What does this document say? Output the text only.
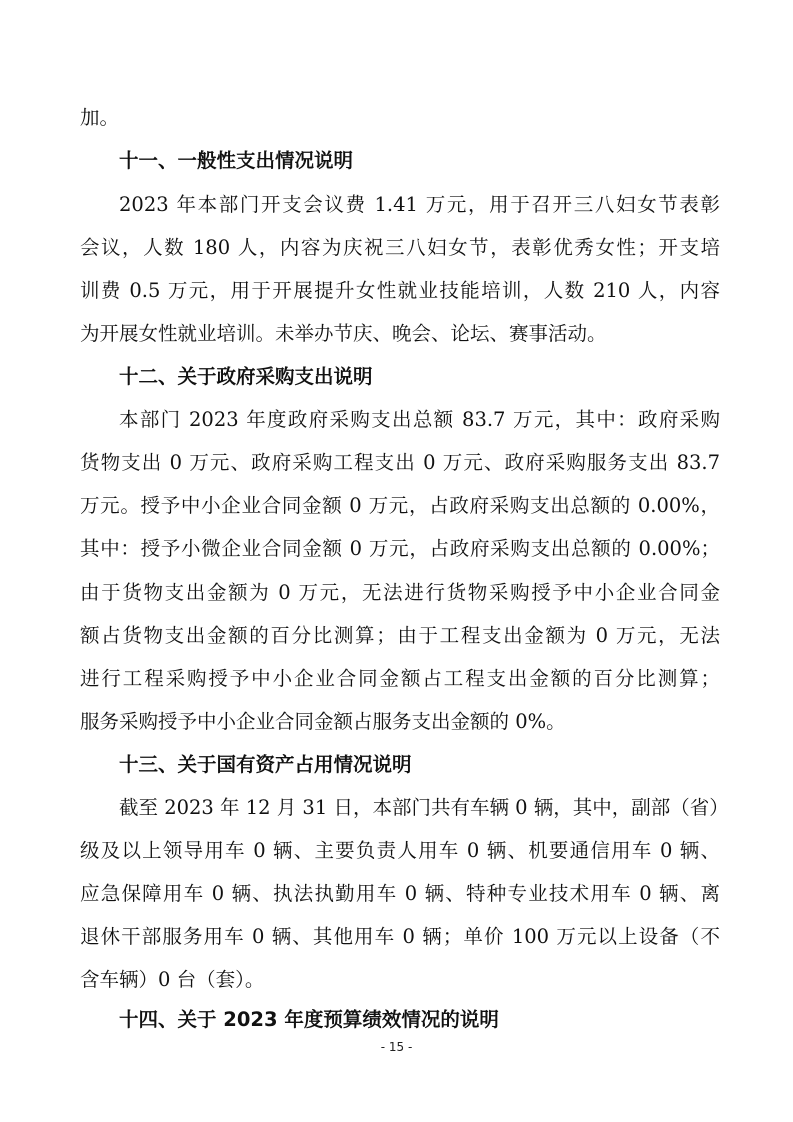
加。
十一、一般性支出情况说明
2023 年本部门开支会议费 1.41 万元，用于召开三八妇女节表彰
会议，人数 180 人，内容为庆祝三八妇女节，表彰优秀女性；开支培
训费 0.5 万元，用于开展提升女性就业技能培训，人数 210 人，内容
为开展女性就业培训。未举办节庆、晚会、论坛、赛事活动。
十二、关于政府采购支出说明
本部门 2023 年度政府采购支出总额 83.7 万元，其中：政府采购
货物支出 0 万元、政府采购工程支出 0 万元、政府采购服务支出 83.7
万元。授予中小企业合同金额 0 万元，占政府采购支出总额的 0.00%，
其中：授予小微企业合同金额 0 万元，占政府采购支出总额的 0.00%；
由于货物支出金额为 0 万元，无法进行货物采购授予中小企业合同金
额占货物支出金额的百分比测算；由于工程支出金额为 0 万元，无法
进行工程采购授予中小企业合同金额占工程支出金额的百分比测算；
服务采购授予中小企业合同金额占服务支出金额的 0%。
十三、关于国有资产占用情况说明
截至 2023 年 12 月 31 日，本部门共有车辆 0 辆，其中，副部（省）
级及以上领导用车 0 辆、主要负责人用车 0 辆、机要通信用车 0 辆、
应急保障用车 0 辆、执法执勤用车 0 辆、特种专业技术用车 0 辆、离
退休干部服务用车 0 辆、其他用车 0 辆；单价 100 万元以上设备（不
含车辆）0 台（套）。
十四、关于 2023 年度预算绩效情况的说明
- 15 -
